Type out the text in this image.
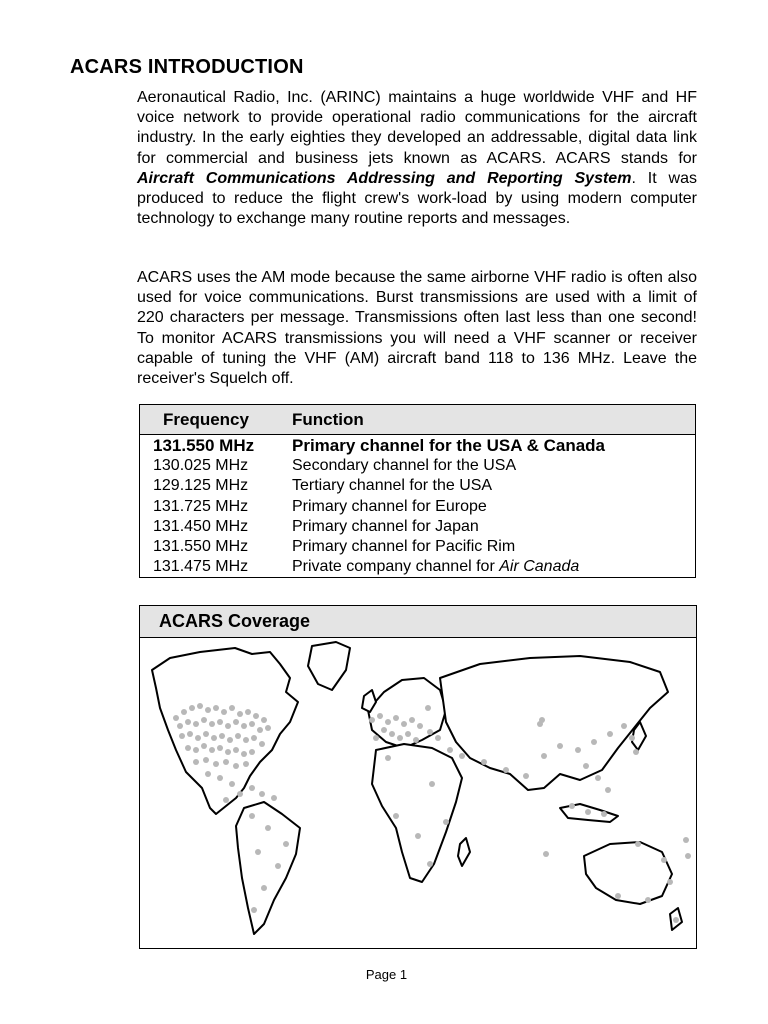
ACARS INTRODUCTION

Aeronautical Radio, Inc. (ARINC) maintains a huge worldwide VHF and HF voice network to provide operational radio communications for the aircraft industry. In the early eighties they developed an addressable, digital data link for commercial and business jets known as ACARS. ACARS stands for Aircraft Communications Addressing and Reporting System. It was produced to reduce the flight crew's work-load by using modern computer technology to exchange many routine reports and messages.

ACARS uses the AM mode because the same airborne VHF radio is often also used for voice communications. Burst transmissions are used with a limit of 220 characters per message. Transmissions often last less than one second! To monitor ACARS transmissions you will need a VHF scanner or receiver capable of tuning the VHF (AM) aircraft band 118 to 136 MHz. Leave the receiver's Squelch off.

Frequency	Function
131.550 MHz Primary channel for the USA & Canada
130.025 MHz	Secondary channel for the USA
129.125 MHz	Tertiary channel for the USA
131.725 MHz	Primary channel for Europe
131.450 MHz	Primary channel for Japan
131.550 MHz	Primary channel for Pacific Rim
131.475 MHz	Private company channel for Air Canada
ACARS Coverage
Page 1
